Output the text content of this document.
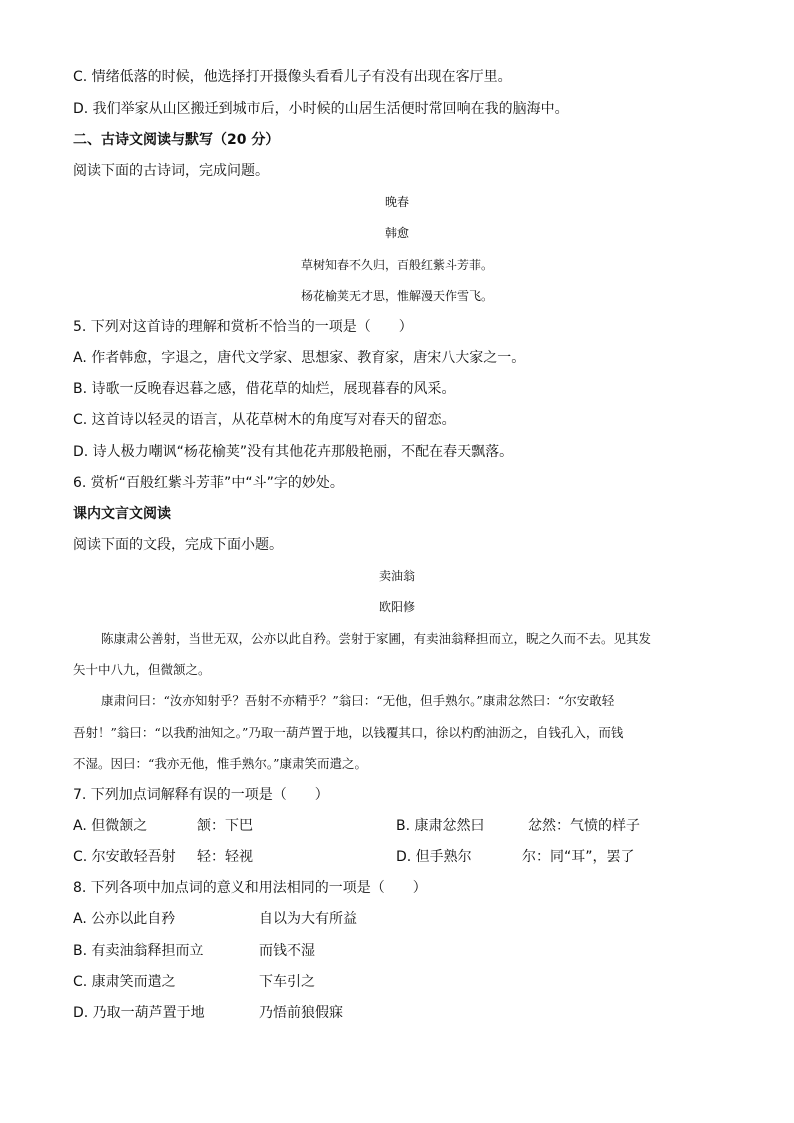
C. 情绪低落的时候，他选择打开摄像头看看儿子有没有出现在客厅里。
D. 我们举家从山区搬迁到城市后，小时候的山居生活便时常回响在我的脑海中。
二、古诗文阅读与默写（20 分）
阅读下面的古诗词，完成问题。
晚春
韩愈
草树知春不久归，百般红紫斗芳菲。
杨花榆荚无才思，惟解漫天作雪飞。
5. 下列对这首诗的理解和赏析不恰当的一项是（　　）
A. 作者韩愈，字退之，唐代文学家、思想家、教育家，唐宋八大家之一。
B. 诗歌一反晚春迟暮之感，借花草的灿烂，展现暮春的风采。
C. 这首诗以轻灵的语言，从花草树木的角度写对春天的留恋。
D. 诗人极力嘲讽“杨花榆荚”没有其他花卉那般艳丽，不配在春天飘落。
6. 赏析“百般红紫斗芳菲”中“斗”字的妙处。
课内文言文阅读
阅读下面的文段，完成下面小题。
卖油翁
欧阳修
陈康肃公善射，当世无双，公亦以此自矜。尝射于家圃，有卖油翁释担而立，睨之久而不去。见其发
矢十中八九，但微颔之。
康肃问曰：“汝亦知射乎？吾射不亦精乎？”翁曰：“无他，但手熟尔。”康肃忿然曰：“尔安敢轻
吾射！”翁曰：“以我酌油知之。”乃取一葫芦置于地，以钱覆其口，徐以杓酌油沥之，自钱孔入，而钱
不湿。因曰：“我亦无他，惟手熟尔。”康肃笑而遣之。
7. 下列加点词解释有误的一项是（　　）
A. 但微颔之	颔：下巴	B. 康肃忿然曰	忿然：气愤的样子
C. 尔安敢轻吾射 轻：轻视	D. 但手熟尔	尔：同“耳”，罢了
8. 下列各项中加点词的意义和用法相同的一项是（　　）
A. 公亦以此自矜	自以为大有所益
B. 有卖油翁释担而立	而钱不湿
C. 康肃笑而遣之	下车引之
D. 乃取一葫芦置于地	乃悟前狼假寐
